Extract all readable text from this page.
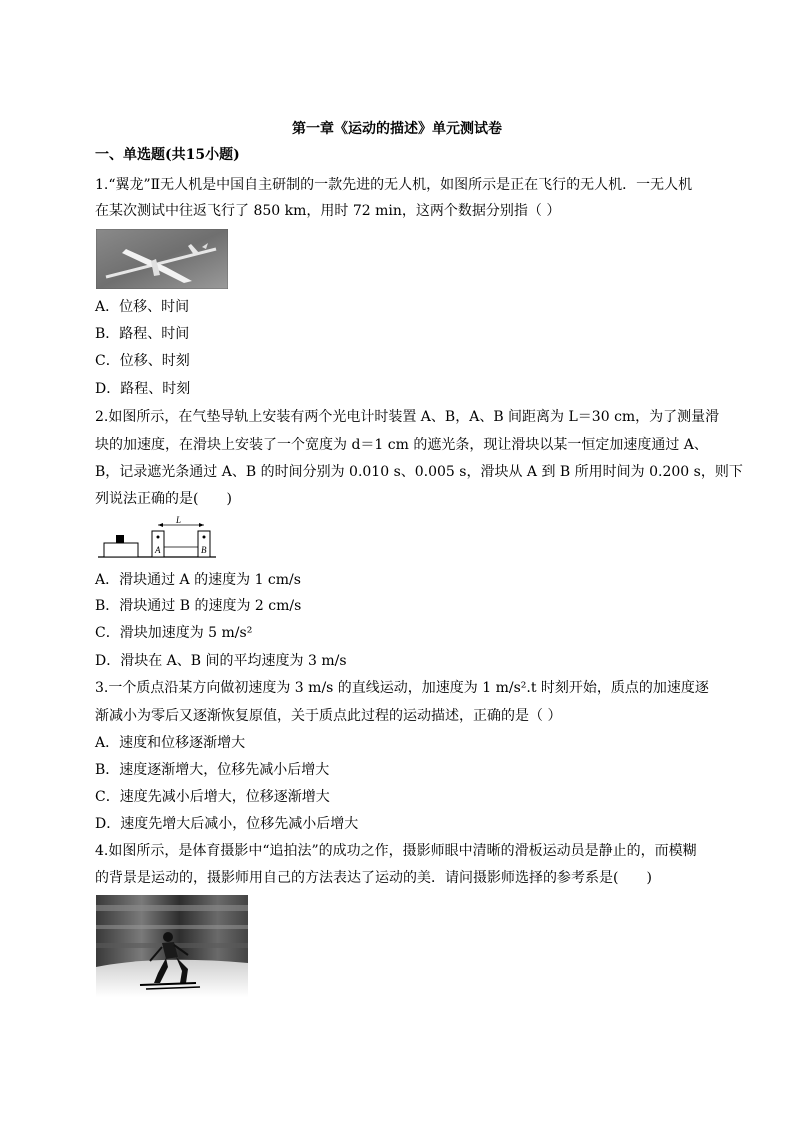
第一章《运动的描述》单元测试卷
一、单选题(共15小题)
1.“翼龙”Ⅱ无人机是中国自主研制的一款先进的无人机，如图所示是正在飞行的无人机．一无人机
在某次测试中往返飞行了 850 km，用时 72 min，这两个数据分别指（ ）
A．位移、时间
B．路程、时间
C．位移、时刻
D．路程、时刻
2.如图所示，在气垫导轨上安装有两个光电计时装置 A、B，A、B 间距离为 L＝30 cm，为了测量滑
块的加速度，在滑块上安装了一个宽度为 d＝1 cm 的遮光条，现让滑块以某一恒定加速度通过 A、
B，记录遮光条通过 A、B 的时间分别为 0.010 s、0.005 s，滑块从 A 到 B 所用时间为 0.200 s，则下
列说法正确的是(　　)
L
A	B
A．滑块通过 A 的速度为 1 cm/s
B．滑块通过 B 的速度为 2 cm/s
C．滑块加速度为 5 m/s²
D．滑块在 A、B 间的平均速度为 3 m/s
3.一个质点沿某方向做初速度为 3 m/s 的直线运动，加速度为 1 m/s².t 时刻开始，质点的加速度逐
渐减小为零后又逐渐恢复原值，关于质点此过程的运动描述，正确的是（ ）
A．速度和位移逐渐增大
B．速度逐渐增大，位移先减小后增大
C．速度先减小后增大，位移逐渐增大
D．速度先增大后减小，位移先减小后增大
4.如图所示，是体育摄影中“追拍法”的成功之作，摄影师眼中清晰的滑板运动员是静止的，而模糊
的背景是运动的，摄影师用自己的方法表达了运动的美．请问摄影师选择的参考系是(　　)
